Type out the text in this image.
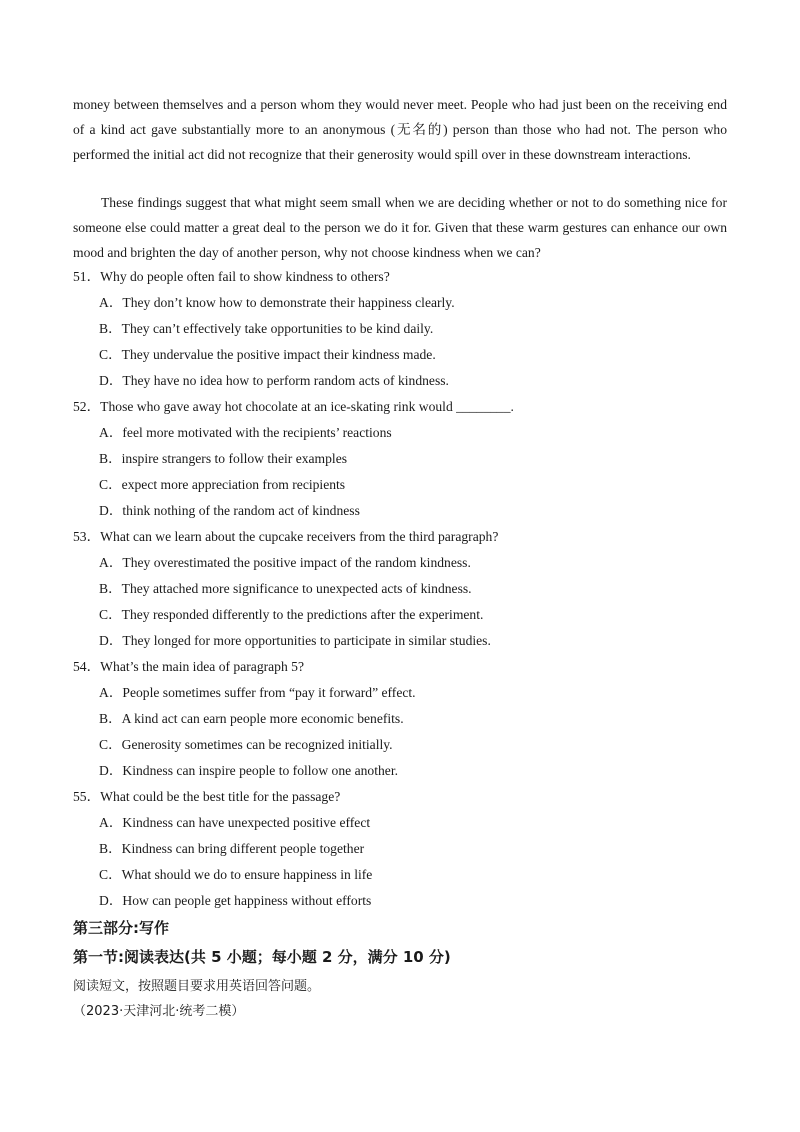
money between themselves and a person whom they would never meet. People who had just been on the receiving end of a kind act gave substantially more to an anonymous (无名的) person than those who had not. The person who performed the initial act did not recognize that their generosity would spill over in these downstream interactions.

These findings suggest that what might seem small when we are deciding whether or not to do something nice for someone else could matter a great deal to the person we do it for. Given that these warm gestures can enhance our own mood and brighten the day of another person, why not choose kindness when we can?

51．Why do people often fail to show kindness to others?
A．They don’t know how to demonstrate their happiness clearly.
B．They can’t effectively take opportunities to be kind daily.
C．They undervalue the positive impact their kindness made.
D．They have no idea how to perform random acts of kindness.
52．Those who gave away hot chocolate at an ice-skating rink would ________.
A．feel more motivated with the recipients’ reactions
B．inspire strangers to follow their examples
C．expect more appreciation from recipients
D．think nothing of the random act of kindness
53．What can we learn about the cupcake receivers from the third paragraph?
A．They overestimated the positive impact of the random kindness.
B．They attached more significance to unexpected acts of kindness.
C．They responded differently to the predictions after the experiment.
D．They longed for more opportunities to participate in similar studies.
54．What’s the main idea of paragraph 5?
A．People sometimes suffer from “pay it forward” effect.
B．A kind act can earn people more economic benefits.
C．Generosity sometimes can be recognized initially.
D．Kindness can inspire people to follow one another.
55．What could be the best title for the passage?
A．Kindness can have unexpected positive effect
B．Kindness can bring different people together
C．What should we do to ensure happiness in life
D．How can people get happiness without efforts
第三部分:写作
第一节:阅读表达(共 5 小题；每小题 2 分，满分 10 分)
阅读短文，按照题目要求用英语回答问题。
（2023·天津河北·统考二模）
